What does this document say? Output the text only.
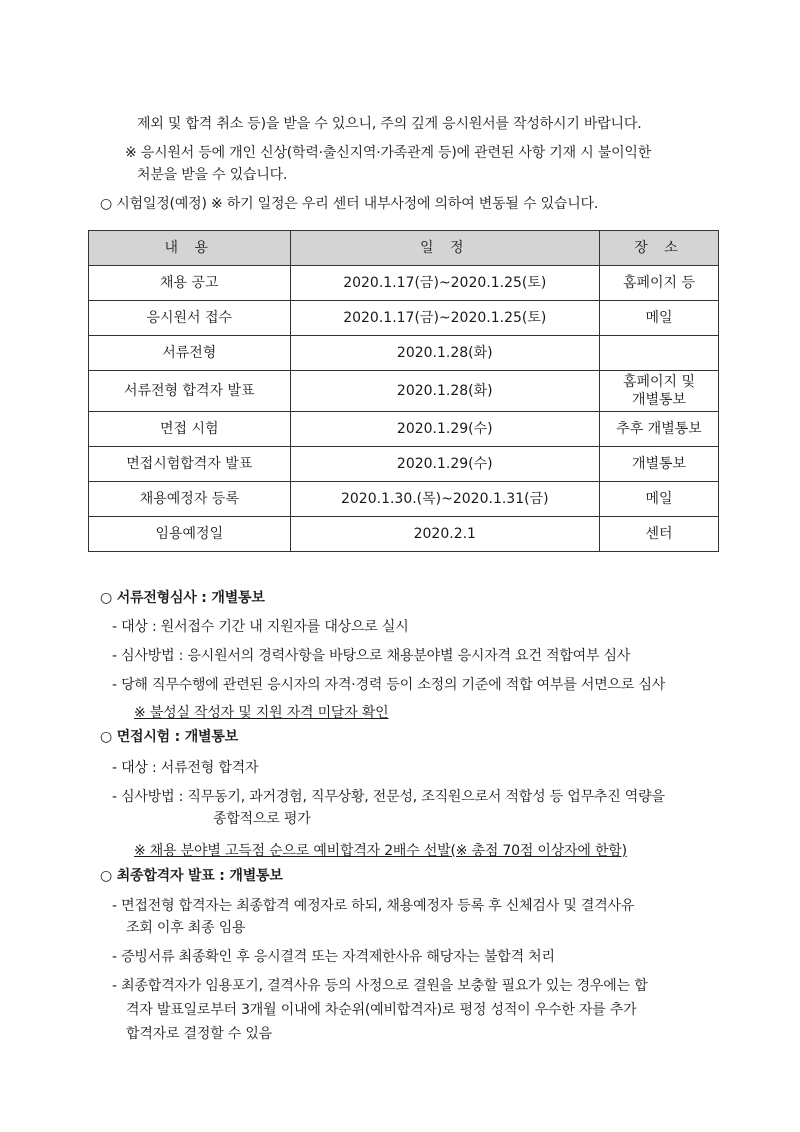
제외 및 합격 취소 등)을 받을 수 있으니, 주의 깊게 응시원서를 작성하시기 바랍니다.
※ 응시원서 등에 개인 신상(학력·출신지역·가족관계 등)에 관련된 사항 기재 시 불이익한
처분을 받을 수 있습니다.
○ 시험일정(예정) ※ 하기 일정은 우리 센터 내부사정에 의하여 변동될 수 있습니다.
내 용	일 정	장 소
채용 공고	2020.1.17(금)~2020.1.25(토)	홈페이지 등
응시원서 접수	2020.1.17(금)~2020.1.25(토)	메일
서류전형	2020.1.28(화)	
서류전형 합격자 발표	2020.1.28(화)	홈페이지 및
개별통보
면접 시험	2020.1.29(수)	추후 개별통보
면접시험합격자 발표	2020.1.29(수)	개별통보
채용예정자 등록	2020.1.30.(목)~2020.1.31(금)	메일
임용예정일	2020.2.1	센터
○ 서류전형심사 : 개별통보
- 대상 : 원서접수 기간 내 지원자를 대상으로 실시
- 심사방법 : 응시원서의 경력사항을 바탕으로 채용분야별 응시자격 요건 적합여부 심사
- 당해 직무수행에 관련된 응시자의 자격·경력 등이 소정의 기준에 적합 여부를 서면으로 심사
※ 불성실 작성자 및 지원 자격 미달자 확인
○ 면접시험 : 개별통보
- 대상 : 서류전형 합격자
- 심사방법 : 직무동기, 과거경험, 직무상황, 전문성, 조직원으로서 적합성 등 업무추진 역량을
종합적으로 평가
※ 채용 분야별 고득점 순으로 예비합격자 2배수 선발(※ 총점 70점 이상자에 한함)
○ 최종합격자 발표 : 개별통보
- 면접전형 합격자는 최종합격 예정자로 하되, 채용예정자 등록 후 신체검사 및 결격사유
조회 이후 최종 임용
- 증빙서류 최종확인 후 응시결격 또는 자격제한사유 해당자는 불합격 처리
- 최종합격자가 임용포기, 결격사유 등의 사정으로 결원을 보충할 필요가 있는 경우에는 합
격자 발표일로부터 3개월 이내에 차순위(예비합격자)로 평정 성적이 우수한 자를 추가
합격자로 결정할 수 있음
